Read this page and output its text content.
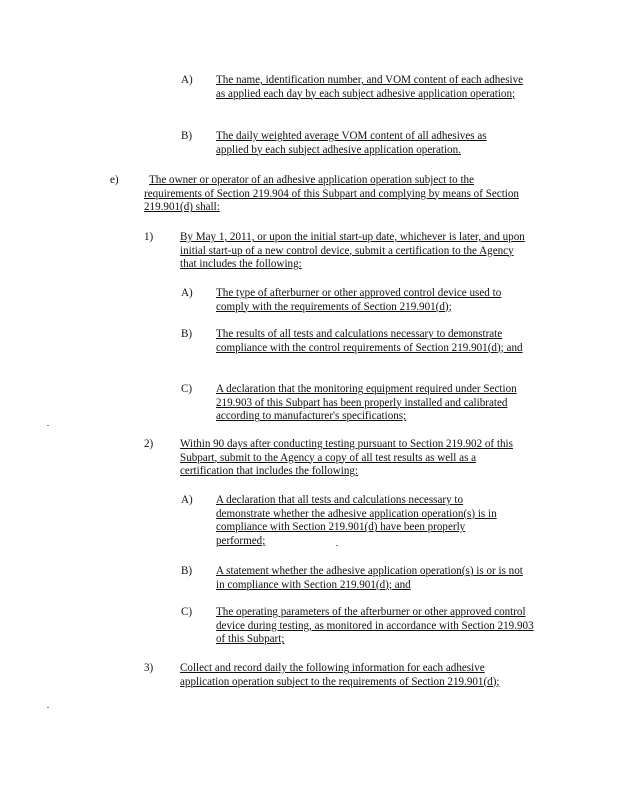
A) The name, identification number, and VOM content of each adhesive as applied each day by each subject adhesive application operation;
B) The daily weighted average VOM content of all adhesives as applied by each subject adhesive application operation.
e)	The owner or operator of an adhesive application operation subject to the requirements of Section 219.904 of this Subpart and complying by means of Section 219.901(d) shall:
1) By May 1, 2011, or upon the initial start-up date, whichever is later, and upon initial start-up of a new control device, submit a certification to the Agency that includes the following:
A) The type of afterburner or other approved control device used to comply with the requirements of Section 219.901(d);
B) The results of all tests and calculations necessary to demonstrate compliance with the control requirements of Section 219.901(d); and
C) A declaration that the monitoring equipment required under Section 219.903 of this Subpart has been properly installed and calibrated according to manufacturer's specifications;
2) Within 90 days after conducting testing pursuant to Section 219.902 of this Subpart, submit to the Agency a copy of all test results as well as a certification that includes the following:
A) A declaration that all tests and calculations necessary to demonstrate whether the adhesive application operation(s) is in compliance with Section 219.901(d) have been properly performed;
B) A statement whether the adhesive application operation(s) is or is not in compliance with Section 219.901(d); and
C) The operating parameters of the afterburner or other approved control device during testing, as monitored in accordance with Section 219.903 of this Subpart;
3) Collect and record daily the following information for each adhesive application operation subject to the requirements of Section 219.901(d);
